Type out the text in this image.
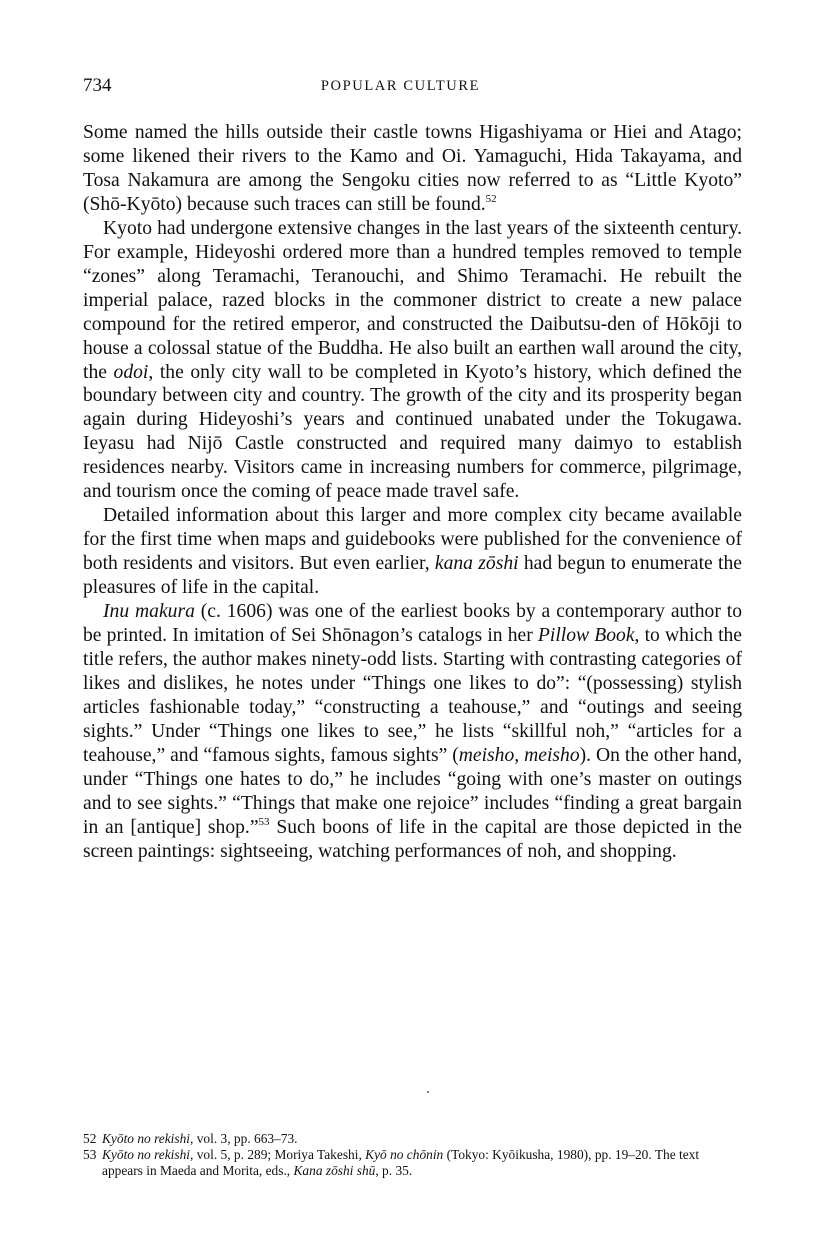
734	POPULAR CULTURE

Some named the hills outside their castle towns Higashiyama or Hiei and Atago; some likened their rivers to the Kamo and Oi. Yamaguchi, Hida Takayama, and Tosa Nakamura are among the Sengoku cities now referred to as “Little Kyoto” (Shō-Kyōto) because such traces can still be found.$^{52}$

Kyoto had undergone extensive changes in the last years of the sixteenth century. For example, Hideyoshi ordered more than a hundred temples removed to temple “zones” along Teramachi, Teranouchi, and Shimo Teramachi. He rebuilt the imperial palace, razed blocks in the commoner district to create a new palace compound for the retired emperor, and constructed the Daibutsu-den of Hōkōji to house a colossal statue of the Buddha. He also built an earthen wall around the city, the odoi, the only city wall to be completed in Kyoto’s history, which defined the boundary between city and country. The growth of the city and its prosperity began again during Hideyoshi’s years and continued unabated under the Tokugawa. Ieyasu had Nijō Castle constructed and required many daimyo to establish residences nearby. Visitors came in increasing numbers for commerce, pilgrimage, and tourism once the coming of peace made travel safe.

Detailed information about this larger and more complex city became available for the first time when maps and guidebooks were published for the convenience of both residents and visitors. But even earlier, kana zōshi had begun to enumerate the pleasures of life in the capital.

Inu makura (c. 1606) was one of the earliest books by a contemporary author to be printed. In imitation of Sei Shōnagon’s catalogs in her Pillow Book, to which the title refers, the author makes ninety-odd lists. Starting with contrasting categories of likes and dislikes, he notes under “Things one likes to do”: “(possessing) stylish articles fashionable today,” “constructing a teahouse,” and “outings and seeing sights.” Under “Things one likes to see,” he lists “skillful noh,” “articles for a teahouse,” and “famous sights, famous sights” (meisho, meisho). On the other hand, under “Things one hates to do,” he includes “going with one’s master on outings and to see sights.” “Things that make one rejoice” includes “finding a great bargain in an [antique] shop.”$^{53}$ Such boons of life in the capital are those depicted in the screen paintings: sightseeing, watching performances of noh, and shopping.

52 Kyōto no rekishi, vol. 3, pp. 663–73.
53 Kyōto no rekishi, vol. 5, p. 289; Moriya Takeshi, Kyō no chōnin (Tokyo: Kyōikusha, 1980), pp. 19–20. The text appears in Maeda and Morita, eds., Kana zōshi shū, p. 35.
